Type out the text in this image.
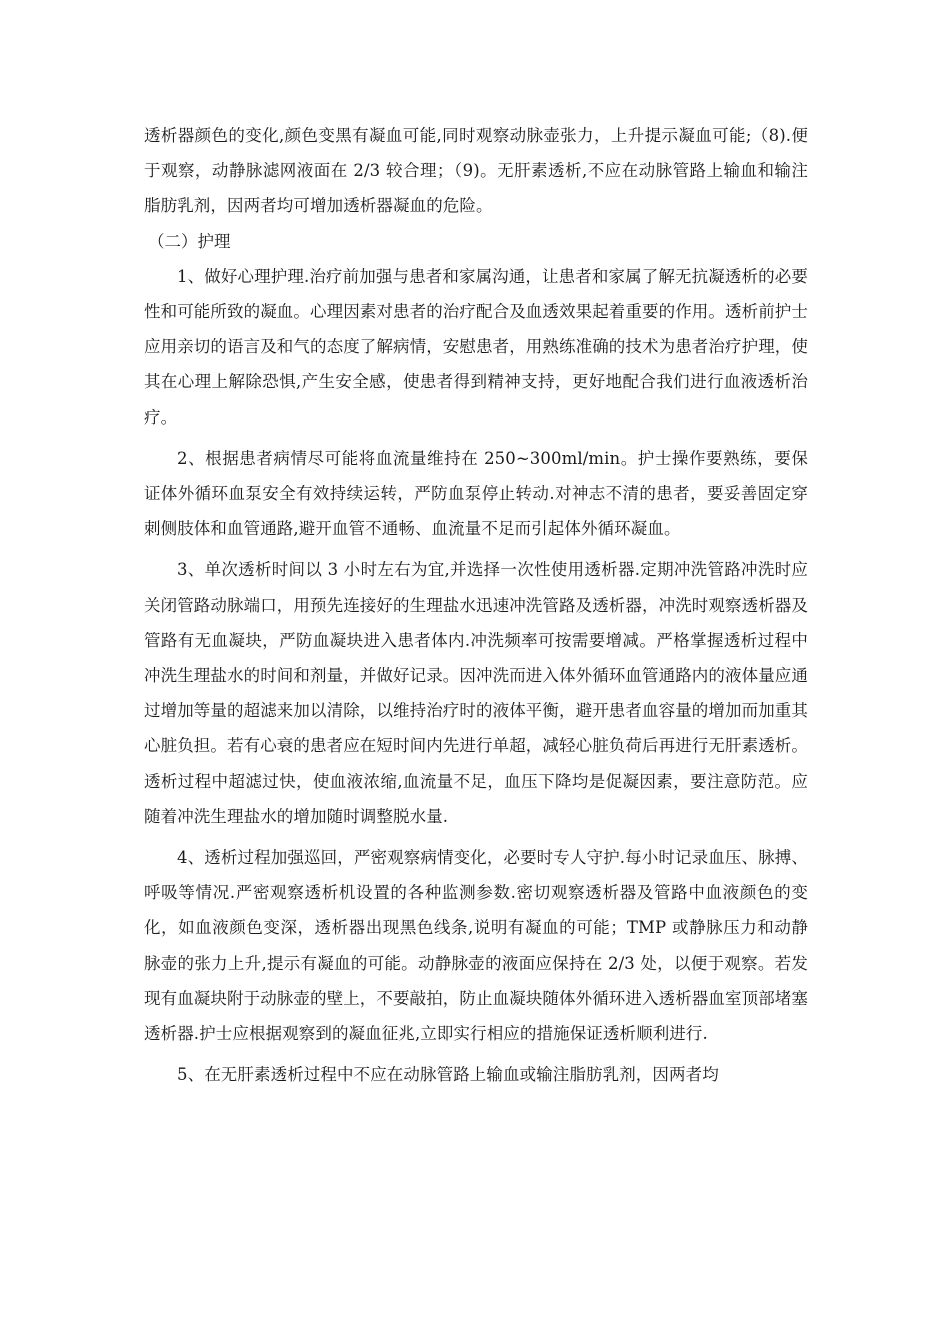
透析器颜色的变化,颜色变黑有凝血可能,同时观察动脉壶张力，上升提示凝血可能;（8).便于观察，动静脉滤网液面在 2/3 较合理；（9)。无肝素透析,不应在动脉管路上输血和输注脂肪乳剂，因两者均可增加透析器凝血的危险。

（二）护理

1、做好心理护理.治疗前加强与患者和家属沟通，让患者和家属了解无抗凝透析的必要性和可能所致的凝血。心理因素对患者的治疗配合及血透效果起着重要的作用。透析前护士应用亲切的语言及和气的态度了解病情，安慰患者，用熟练准确的技术为患者治疗护理，使其在心理上解除恐惧,产生安全感，使患者得到精神支持，更好地配合我们进行血液透析治疗。

2、根据患者病情尽可能将血流量维持在 250~300ml/min。护士操作要熟练，要保证体外循环血泵安全有效持续运转，严防血泵停止转动.对神志不清的患者，要妥善固定穿刺侧肢体和血管通路,避开血管不通畅、血流量不足而引起体外循环凝血。

3、单次透析时间以 3 小时左右为宜,并选择一次性使用透析器.定期冲洗管路冲洗时应关闭管路动脉端口，用预先连接好的生理盐水迅速冲洗管路及透析器，冲洗时观察透析器及管路有无血凝块，严防血凝块进入患者体内.冲洗频率可按需要增减。严格掌握透析过程中冲洗生理盐水的时间和剂量，并做好记录。因冲洗而进入体外循环血管通路内的液体量应通过增加等量的超滤来加以清除，以维持治疗时的液体平衡，避开患者血容量的增加而加重其心脏负担。若有心衰的患者应在短时间内先进行单超，减轻心脏负荷后再进行无肝素透析。透析过程中超滤过快，使血液浓缩,血流量不足，血压下降均是促凝因素，要注意防范。应随着冲洗生理盐水的增加随时调整脱水量.

4、透析过程加强巡回，严密观察病情变化，必要时专人守护.每小时记录血压、脉搏、呼吸等情况.严密观察透析机设置的各种监测参数.密切观察透析器及管路中血液颜色的变化，如血液颜色变深，透析器出现黑色线条,说明有凝血的可能；TMP 或静脉压力和动静脉壶的张力上升,提示有凝血的可能。动静脉壶的液面应保持在 2/3 处，以便于观察。若发现有血凝块附于动脉壶的壁上，不要敲拍，防止血凝块随体外循环进入透析器血室顶部堵塞透析器.护士应根据观察到的凝血征兆,立即实行相应的措施保证透析顺利进行.

5、在无肝素透析过程中不应在动脉管路上输血或输注脂肪乳剂，因两者均
